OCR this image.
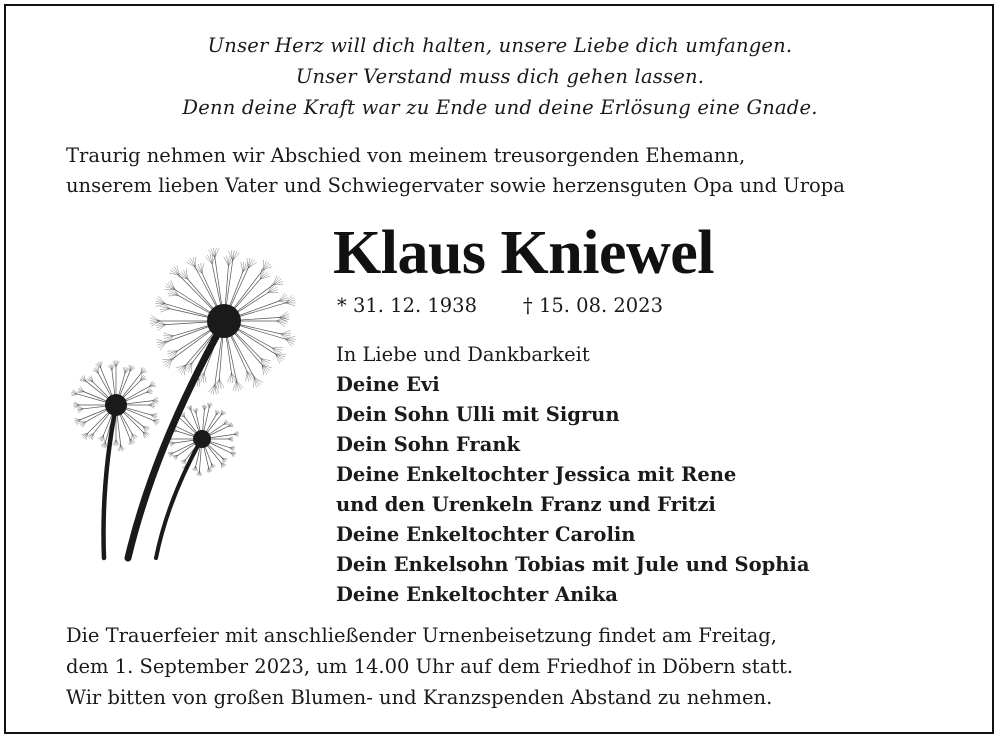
Unser Herz will dich halten, unsere Liebe dich umfangen.
Unser Verstand muss dich gehen lassen.
Denn deine Kraft war zu Ende und deine Erlösung eine Gnade.
Traurig nehmen wir Abschied von meinem treusorgenden Ehemann,
unserem lieben Vater und Schwiegervater sowie herzensguten Opa und Uropa
Klaus Kniewel
* 31. 12. 1938 † 15. 08. 2023
In Liebe und Dankbarkeit
Deine Evi
Dein Sohn Ulli mit Sigrun
Dein Sohn Frank
Deine Enkeltochter Jessica mit Rene
und den Urenkeln Franz und Fritzi
Deine Enkeltochter Carolin
Dein Enkelsohn Tobias mit Jule und Sophia
Deine Enkeltochter Anika
Die Trauerfeier mit anschließender Urnenbeisetzung findet am Freitag,
dem 1. September 2023, um 14.00 Uhr auf dem Friedhof in Döbern statt.
Wir bitten von großen Blumen- und Kranzspenden Abstand zu nehmen.
